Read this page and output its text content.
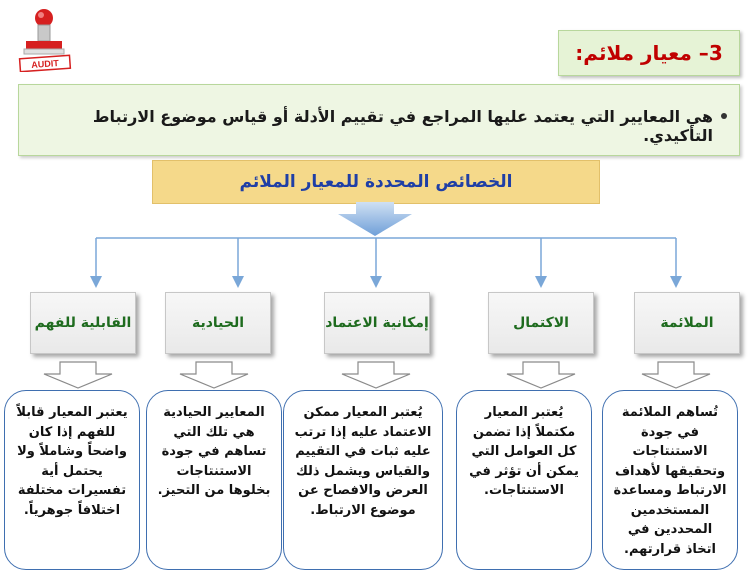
AUDIT	3– معيار ملائم:
هي المعايير التي يعتمد عليها المراجع في تقييم الأدلة أو قياس موضوع الارتباط التأكيدي.
الخصائص المحددة للمعيار الملائم
الملائمة
الاكتمال
إمكانية الاعتماد
الحيادية
القابلية للفهم
تُساهم الملائمة في جودة الاستنتاجات وتحقيقها لأهداف الارتباط ومساعدة المستخدمين المحددين في اتخاذ قرارتهم.
يُعتبر المعيار مكتملاً إذا تضمن كل العوامل التي يمكن أن تؤثر في الاستنتاجات.
يُعتبر المعيار ممكن الاعتماد عليه إذا ترتب عليه ثبات في التقييم والقياس ويشمل ذلك العرض والافصاح عن موضوع الارتباط.
المعايير الحيادية هي تلك التي تساهم في جودة الاستنتاجات بخلوها من التحيز.
يعتبر المعيار قابلاً للفهم إذا كان واضحاً وشاملاً ولا يحتمل أية تفسيرات مختلفة اختلافاً جوهرياً.
